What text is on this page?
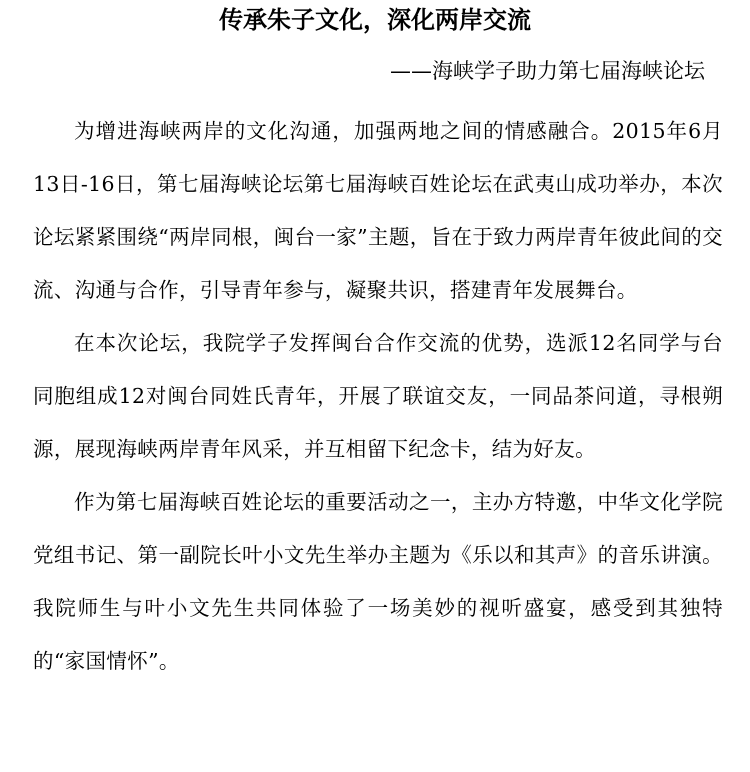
传承朱子文化，深化两岸交流
——海峡学子助力第七届海峡论坛

为增进海峡两岸的文化沟通，加强两地之间的情感融合。2015年6月13日-16日，第七届海峡论坛第七届海峡百姓论坛在武夷山成功举办，本次论坛紧紧围绕“两岸同根，闽台一家”主题，旨在于致力两岸青年彼此间的交流、沟通与合作，引导青年参与，凝聚共识，搭建青年发展舞台。

在本次论坛，我院学子发挥闽台合作交流的优势，选派12名同学与台同胞组成12对闽台同姓氏青年，开展了联谊交友，一同品茶问道，寻根朔源，展现海峡两岸青年风采，并互相留下纪念卡，结为好友。

作为第七届海峡百姓论坛的重要活动之一，主办方特邀，中华文化学院党组书记、第一副院长叶小文先生举办主题为《乐以和其声》的音乐讲演。我院师生与叶小文先生共同体验了一场美妙的视听盛宴，感受到其独特的“家国情怀”。
